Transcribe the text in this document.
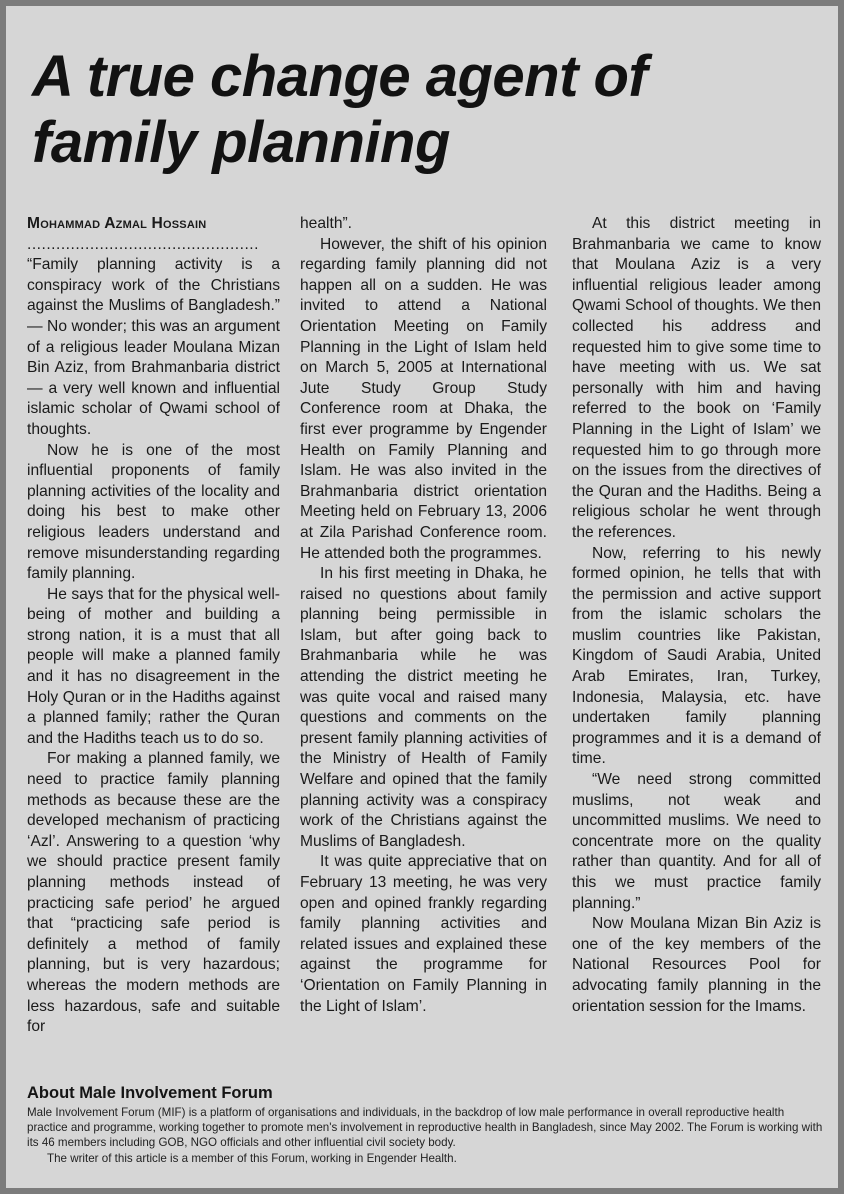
A true change agent of family planning
Mohammad Azmal Hossain
................................................

“Family planning activity is a conspiracy work of the Christians against the Muslims of Bangladesh.” — No wonder; this was an argument of a religious leader Moulana Mizan Bin Aziz, from Brahmanbaria district — a very well known and influential islamic scholar of Qwami school of thoughts.

Now he is one of the most influential proponents of family planning activities of the locality and doing his best to make other religious leaders understand and remove misunderstanding regarding family planning.

He says that for the physical well-being of mother and building a strong nation, it is a must that all people will make a planned family and it has no disagreement in the Holy Quran or in the Hadiths against a planned family; rather the Quran and the Hadiths teach us to do so.

For making a planned family, we need to practice family planning methods as because these are the developed mechanism of practicing ‘Azl’. Answering to a question ‘why we should practice present family planning methods instead of practicing safe period’ he argued that “practicing safe period is definitely a method of family planning, but is very hazardous; whereas the modern methods are less hazardous, safe and suitable for

health”.

However, the shift of his opinion regarding family planning did not happen all on a sudden. He was invited to attend a National Orientation Meeting on Family Planning in the Light of Islam held on March 5, 2005 at International Jute Study Group Study Conference room at Dhaka, the first ever programme by Engender Health on Family Planning and Islam. He was also invited in the Brahmanbaria district orientation Meeting held on February 13, 2006 at Zila Parishad Conference room. He attended both the programmes.

In his first meeting in Dhaka, he raised no questions about family planning being permissible in Islam, but after going back to Brahmanbaria while he was attending the district meeting he was quite vocal and raised many questions and comments on the present family planning activities of the Ministry of Health of Family Welfare and opined that the family planning activity was a conspiracy work of the Christians against the Muslims of Bangladesh.

It was quite appreciative that on February 13 meeting, he was very open and opined frankly regarding family planning activities and related issues and explained these against the programme for ‘Orientation on Family Planning in the Light of Islam’.

At this district meeting in Brahmanbaria we came to know that Moulana Aziz is a very influential religious leader among Qwami School of thoughts. We then collected his address and requested him to give some time to have meeting with us. We sat personally with him and having referred to the book on ‘Family Planning in the Light of Islam’ we requested him to go through more on the issues from the directives of the Quran and the Hadiths. Being a religious scholar he went through the references.

Now, referring to his newly formed opinion, he tells that with the permission and active support from the islamic scholars the muslim countries like Pakistan, Kingdom of Saudi Arabia, United Arab Emirates, Iran, Turkey, Indonesia, Malaysia, etc. have undertaken family planning programmes and it is a demand of time.

“We need strong committed muslims, not weak and uncommitted muslims. We need to concentrate more on the quality rather than quantity. And for all of this we must practice family planning.”

Now Moulana Mizan Bin Aziz is one of the key members of the National Resources Pool for advocating family planning in the orientation session for the Imams.

About Male Involvement Forum

Male Involvement Forum (MIF) is a platform of organisations and individuals, in the backdrop of low male performance in overall reproductive health practice and programme, working together to promote men's involvement in reproductive health in Bangladesh, since May 2002. The Forum is working with its 46 members including GOB, NGO officials and other influential civil society body.

The writer of this article is a member of this Forum, working in Engender Health.
